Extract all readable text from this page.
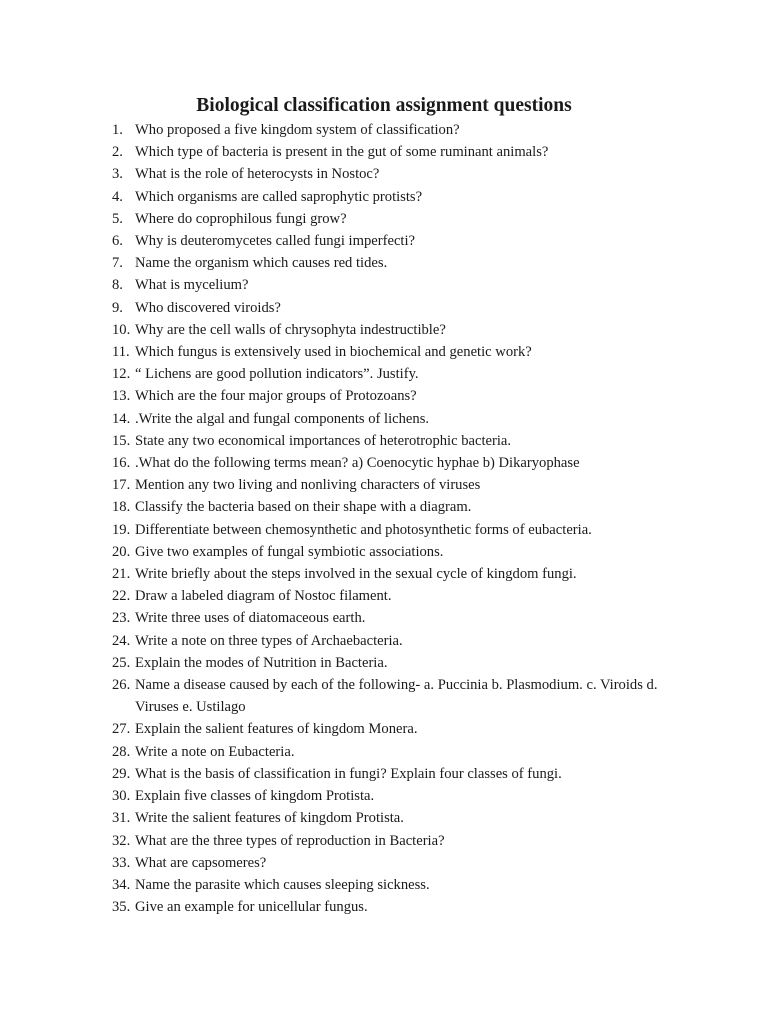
Biological classification assignment questions
1. Who proposed a five kingdom system of classification?
2. Which type of bacteria is present in the gut of some ruminant animals?
3. What is the role of heterocysts in Nostoc?
4. Which organisms are called saprophytic protists?
5. Where do coprophilous fungi grow?
6. Why is deuteromycetes called fungi imperfecti?
7. Name the organism which causes red tides.
8. What is mycelium?
9. Who discovered viroids?
10. Why are the cell walls of chrysophyta indestructible?
11. Which fungus is extensively used in biochemical and genetic work?
12. “ Lichens are good pollution indicators”. Justify.
13. Which are the four major groups of Protozoans?
14. .Write the algal and fungal components of lichens.
15. State any two economical importances of heterotrophic bacteria.
16. .What do the following terms mean? a) Coenocytic hyphae b) Dikaryophase
17. Mention any two living and nonliving characters of viruses
18. Classify the bacteria based on their shape with a diagram.
19. Differentiate between chemosynthetic and photosynthetic forms of eubacteria.
20. Give two examples of fungal symbiotic associations.
21. Write briefly about the steps involved in the sexual cycle of kingdom fungi.
22. Draw a labeled diagram of Nostoc filament.
23. Write three uses of diatomaceous earth.
24. Write a note on three types of Archaebacteria.
25. Explain the modes of Nutrition in Bacteria.
26. Name a disease caused by each of the following- a. Puccinia b. Plasmodium. c. Viroids d. Viruses e. Ustilago
27. Explain the salient features of kingdom Monera.
28. Write a note on Eubacteria.
29. What is the basis of classification in fungi? Explain four classes of fungi.
30. Explain five classes of kingdom Protista.
31. Write the salient features of kingdom Protista.
32. What are the three types of reproduction in Bacteria?
33. What are capsomeres?
34. Name the parasite which causes sleeping sickness.
35. Give an example for unicellular fungus.
